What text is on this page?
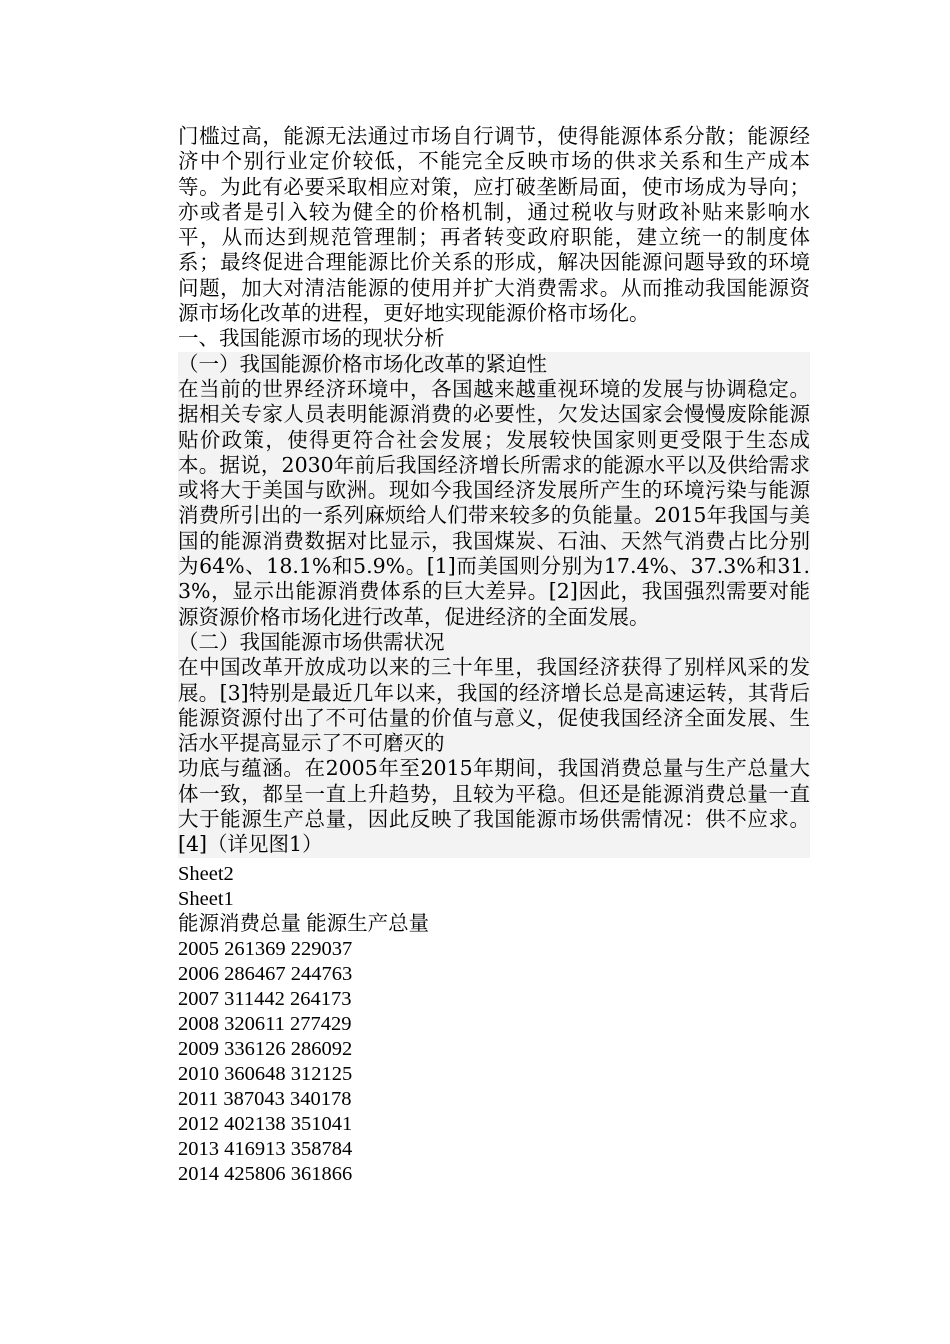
门槛过高，能源无法通过市场自行调节，使得能源体系分散；能源经济中个别行业定价较低，不能完全反映市场的供求关系和生产成本等。为此有必要采取相应对策，应打破垄断局面，使市场成为导向；亦或者是引入较为健全的价格机制，通过税收与财政补贴来影响水平，从而达到规范管理制；再者转变政府职能，建立统一的制度体系；最终促进合理能源比价关系的形成，解决因能源问题导致的环境问题，加大对清洁能源的使用并扩大消费需求。从而推动我国能源资源市场化改革的进程，更好地实现能源价格市场化。

一、我国能源市场的现状分析

（一）我国能源价格市场化改革的紧迫性

在当前的世界经济环境中，各国越来越重视环境的发展与协调稳定。据相关专家人员表明能源消费的必要性，欠发达国家会慢慢废除能源贴价政策，使得更符合社会发展；发展较快国家则更受限于生态成本。据说，2030年前后我国经济增长所需求的能源水平以及供给需求或将大于美国与欧洲。现如今我国经济发展所产生的环境污染与能源消费所引出的一系列麻烦给人们带来较多的负能量。2015年我国与美国的能源消费数据对比显示，我国煤炭、石油、天然气消费占比分别为64%、18.1%和5.9%。[1]而美国则分别为17.4%、37.3%和31.3%，显示出能源消费体系的巨大差异。[2]因此，我国强烈需要对能源资源价格市场化进行改革，促进经济的全面发展。

（二）我国能源市场供需状况

在中国改革开放成功以来的三十年里，我国经济获得了别样风采的发展。[3]特别是最近几年以来，我国的经济增长总是高速运转，其背后能源资源付出了不可估量的价值与意义，促使我国经济全面发展、生活水平提高显示了不可磨灭的

功底与蕴涵。在2005年至2015年期间，我国消费总量与生产总量大体一致，都呈一直上升趋势，且较为平稳。但还是能源消费总量一直大于能源生产总量，因此反映了我国能源市场供需情况：供不应求。[4]（详见图1）

Sheet2
Sheet1
能源消费总量 能源生产总量
2005 261369 229037
2006 286467 244763
2007 311442 264173
2008 320611 277429
2009 336126 286092
2010 360648 312125
2011 387043 340178
2012 402138 351041
2013 416913 358784
2014 425806 361866
